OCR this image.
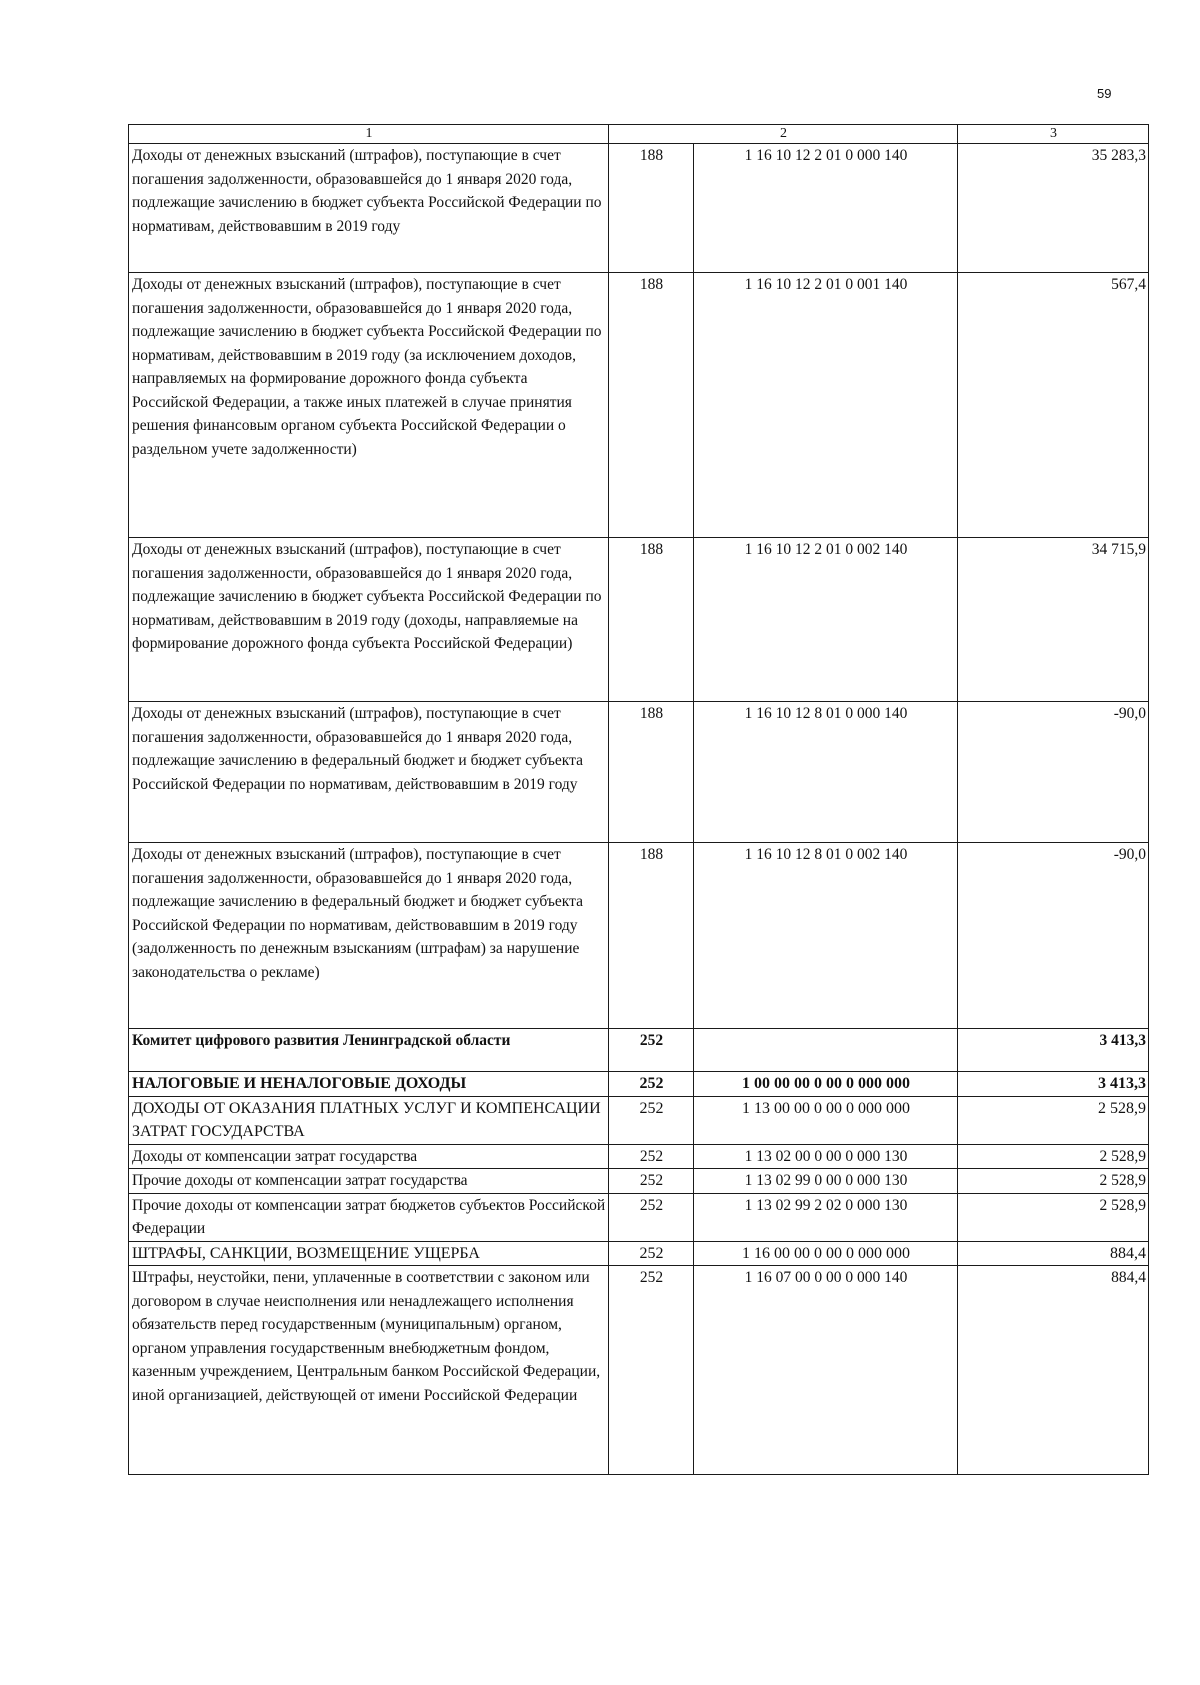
59
1	2		3
Доходы от денежных взысканий (штрафов), поступающие в счет погашения задолженности, образовавшейся до 1 января 2020 года, подлежащие зачислению в бюджет субъекта Российской Федерации по нормативам, действовавшим в 2019 году	188	1 16 10 12 2 01 0 000 140	35 283,3
Доходы от денежных взысканий (штрафов), поступающие в счет погашения задолженности, образовавшейся до 1 января 2020 года, подлежащие зачислению в бюджет субъекта Российской Федерации по нормативам, действовавшим в 2019 году (за исключением доходов, направляемых на формирование дорожного фонда субъекта Российской Федерации, а также иных платежей в случае принятия решения финансовым органом субъекта Российской Федерации о раздельном учете задолженности)	188	1 16 10 12 2 01 0 001 140	567,4
Доходы от денежных взысканий (штрафов), поступающие в счет погашения задолженности, образовавшейся до 1 января 2020 года, подлежащие зачислению в бюджет субъекта Российской Федерации по нормативам, действовавшим в 2019 году (доходы, направляемые на формирование дорожного фонда субъекта Российской Федерации)	188	1 16 10 12 2 01 0 002 140	34 715,9
Доходы от денежных взысканий (штрафов), поступающие в счет погашения задолженности, образовавшейся до 1 января 2020 года, подлежащие зачислению в федеральный бюджет и бюджет субъекта Российской Федерации по нормативам, действовавшим в 2019 году	188	1 16 10 12 8 01 0 000 140	-90,0
Доходы от денежных взысканий (штрафов), поступающие в счет погашения задолженности, образовавшейся до 1 января 2020 года, подлежащие зачислению в федеральный бюджет и бюджет субъекта Российской Федерации по нормативам, действовавшим в 2019 году (задолженность по денежным взысканиям (штрафам) за нарушение законодательства о рекламе)	188	1 16 10 12 8 01 0 002 140	-90,0
Комитет цифрового развития Ленинградской области	252		3 413,3
НАЛОГОВЫЕ И НЕНАЛОГОВЫЕ ДОХОДЫ	252	1 00 00 00 0 00 0 000 000	3 413,3
ДОХОДЫ ОТ ОКАЗАНИЯ ПЛАТНЫХ УСЛУГ И КОМПЕНСАЦИИ ЗАТРАТ ГОСУДАРСТВА	252	1 13 00 00 0 00 0 000 000	2 528,9
Доходы от компенсации затрат государства	252	1 13 02 00 0 00 0 000 130	2 528,9
Прочие доходы от компенсации затрат государства	252	1 13 02 99 0 00 0 000 130	2 528,9
Прочие доходы от компенсации затрат бюджетов субъектов Российской Федерации	252	1 13 02 99 2 02 0 000 130	2 528,9
ШТРАФЫ, САНКЦИИ, ВОЗМЕЩЕНИЕ УЩЕРБА	252	1 16 00 00 0 00 0 000 000	884,4
Штрафы, неустойки, пени, уплаченные в соответствии с законом или договором в случае неисполнения или ненадлежащего исполнения обязательств перед государственным (муниципальным) органом, органом управления государственным внебюджетным фондом, казенным учреждением, Центральным банком Российской Федерации, иной организацией, действующей от имени Российской Федерации	252	1 16 07 00 0 00 0 000 140	884,4
